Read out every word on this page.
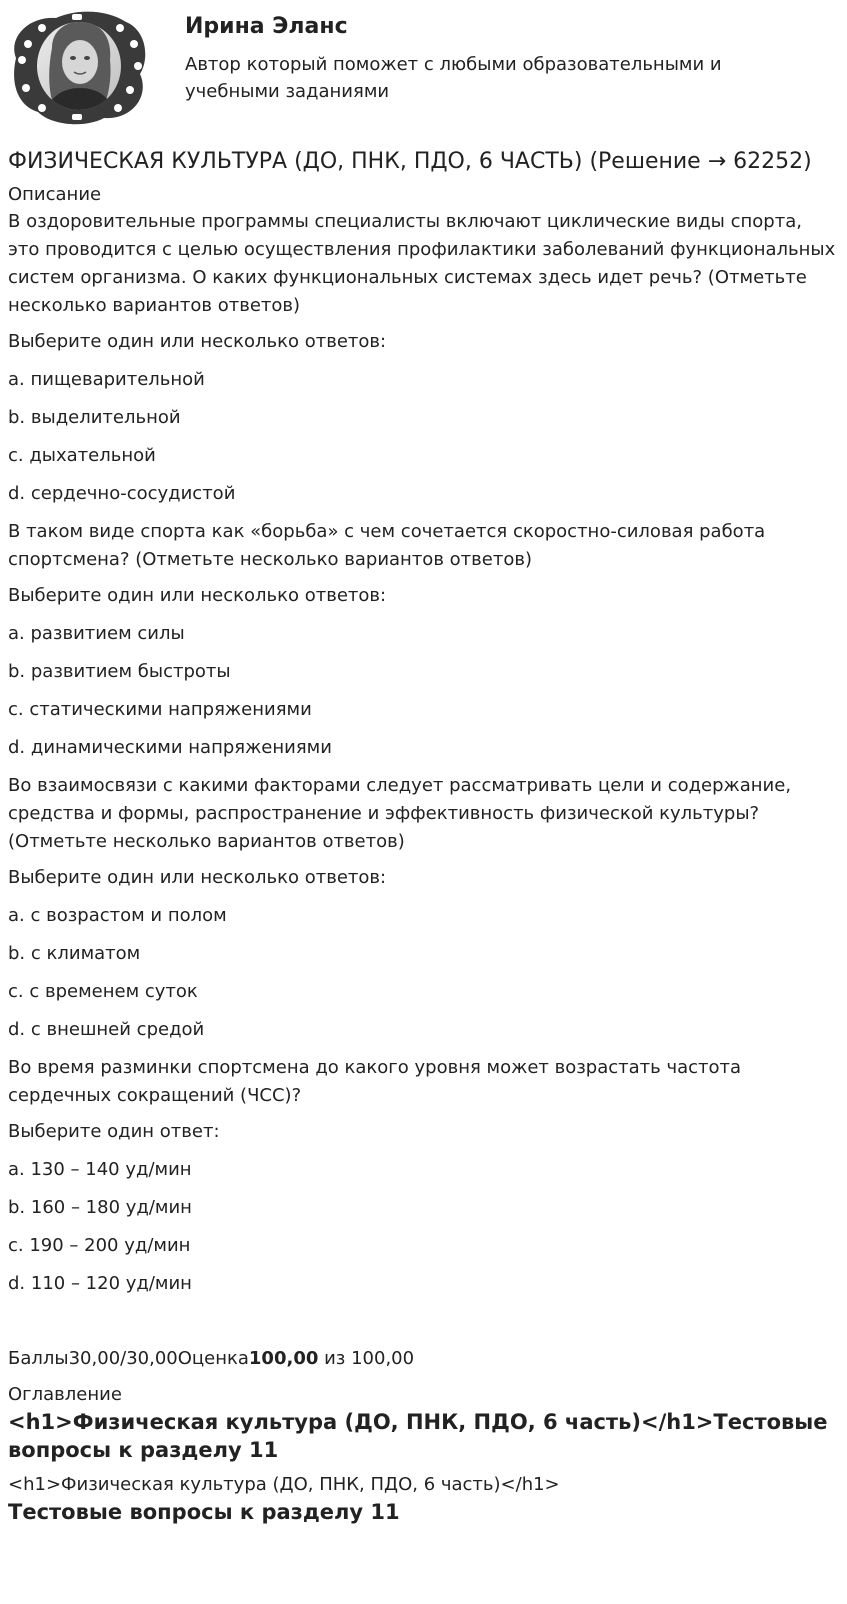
Ирина Эланс
Автор который поможет с любыми образовательными и учебными заданиями
ФИЗИЧЕСКАЯ КУЛЬТУРА (ДО, ПНК, ПДО, 6 ЧАСТЬ) (Решение → 62252)
Описание

В оздоровительные программы специалисты включают циклические виды спорта, это проводится с целью осуществления профилактики заболеваний функциональных систем организма. О каких функциональных системах здесь идет речь? (Отметьте несколько вариантов ответов)

Выберите один или несколько ответов:

a. пищеварительной

b. выделительной

c. дыхательной

d. сердечно-сосудистой

В таком виде спорта как «борьба» с чем сочетается скоростно-силовая работа спортсмена? (Отметьте несколько вариантов ответов)

Выберите один или несколько ответов:

a. развитием силы

b. развитием быстроты

c. статическими напряжениями

d. динамическими напряжениями

Во взаимосвязи с какими факторами следует рассматривать цели и содержание, средства и формы, распространение и эффективность физической культуры? (Отметьте несколько вариантов ответов)

Выберите один или несколько ответов:

a. с возрастом и полом

b. с климатом

c. с временем суток

d. с внешней средой

Во время разминки спортсмена до какого уровня может возрастать частота сердечных сокращений (ЧСС)?

Выберите один ответ:

a. 130 – 140 уд/мин

b. 160 – 180 уд/мин

c. 190 – 200 уд/мин

d. 110 – 120 уд/мин

Баллы30,00/30,00Оценка100,00 из 100,00
Оглавление
<h1>Физическая культура (ДО, ПНК, ПДО, 6 часть)</h1>Тестовые вопросы к разделу 11
<h1>Физическая культура (ДО, ПНК, ПДО, 6 часть)</h1>
Тестовые вопросы к разделу 11
